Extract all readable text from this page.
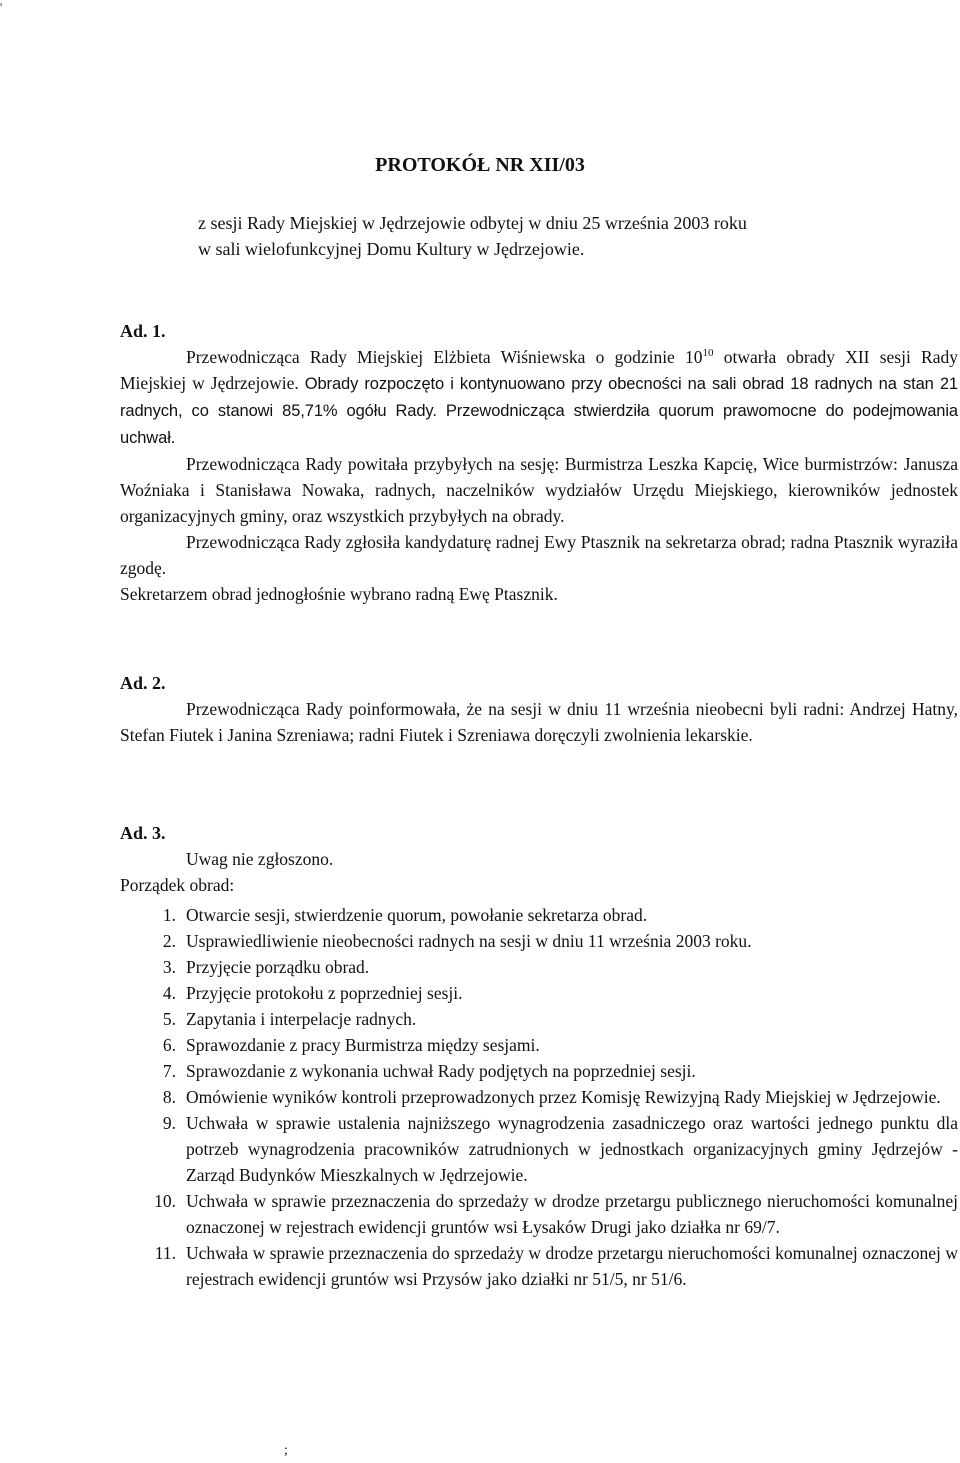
'
PROTOKÓŁ NR XII/03
z sesji Rady Miejskiej w Jędrzejowie odbytej w dniu 25 września 2003 roku
w sali wielofunkcyjnej Domu Kultury w Jędrzejowie.
Ad. 1.

Przewodnicząca Rady Miejskiej Elżbieta Wiśniewska o godzinie $10^{10}$ otwarła obrady XII sesji Rady Miejskiej w Jędrzejowie. Obrady rozpoczęto i kontynuowano przy obecności na sali obrad 18 radnych na stan 21 radnych, co stanowi 85,71% ogółu Rady. Przewodnicząca stwierdziła quorum prawomocne do podejmowania uchwał.

Przewodnicząca Rady powitała przybyłych na sesję: Burmistrza Leszka Kapcię, Wice burmistrzów: Janusza Woźniaka i Stanisława Nowaka, radnych, naczelników wydziałów Urzędu Miejskiego, kierowników jednostek organizacyjnych gminy, oraz wszystkich przybyłych na obrady.

Przewodnicząca Rady zgłosiła kandydaturę radnej Ewy Ptasznik na sekretarza obrad; radna Ptasznik wyraziła zgodę.

Sekretarzem obrad jednogłośnie wybrano radną Ewę Ptasznik.

Ad. 2.

Przewodnicząca Rady poinformowała, że na sesji w dniu 11 września nieobecni byli radni: Andrzej Hatny, Stefan Fiutek i Janina Szreniawa; radni Fiutek i Szreniawa doręczyli zwolnienia lekarskie.

Ad. 3.
Uwag nie zgłoszono.
Porządek obrad:
1. Otwarcie sesji, stwierdzenie quorum, powołanie sekretarza obrad.
2. Usprawiedliwienie nieobecności radnych na sesji w dniu 11 września 2003 roku.
3. Przyjęcie porządku obrad.
4. Przyjęcie protokołu z poprzedniej sesji.
5. Zapytania i interpelacje radnych.
6. Sprawozdanie z pracy Burmistrza między sesjami.
7. Sprawozdanie z wykonania uchwał Rady podjętych na poprzedniej sesji.
8. Omówienie wyników kontroli przeprowadzonych przez Komisję Rewizyjną Rady Miejskiej w Jędrzejowie.
9. Uchwała w sprawie ustalenia najniższego wynagrodzenia zasadniczego oraz wartości jednego punktu dla potrzeb wynagrodzenia pracowników zatrudnionych w jednostkach organizacyjnych gminy Jędrzejów - Zarząd Budynków Mieszkalnych w Jędrzejowie.
10. Uchwała w sprawie przeznaczenia do sprzedaży w drodze przetargu publicznego nieruchomości komunalnej oznaczonej w rejestrach ewidencji gruntów wsi Łysaków Drugi jako działka nr 69/7.
11. Uchwała w sprawie przeznaczenia do sprzedaży w drodze przetargu nieruchomości komunalnej oznaczonej w rejestrach ewidencji gruntów wsi Przysów jako działki nr 51/5, nr 51/6.
;
